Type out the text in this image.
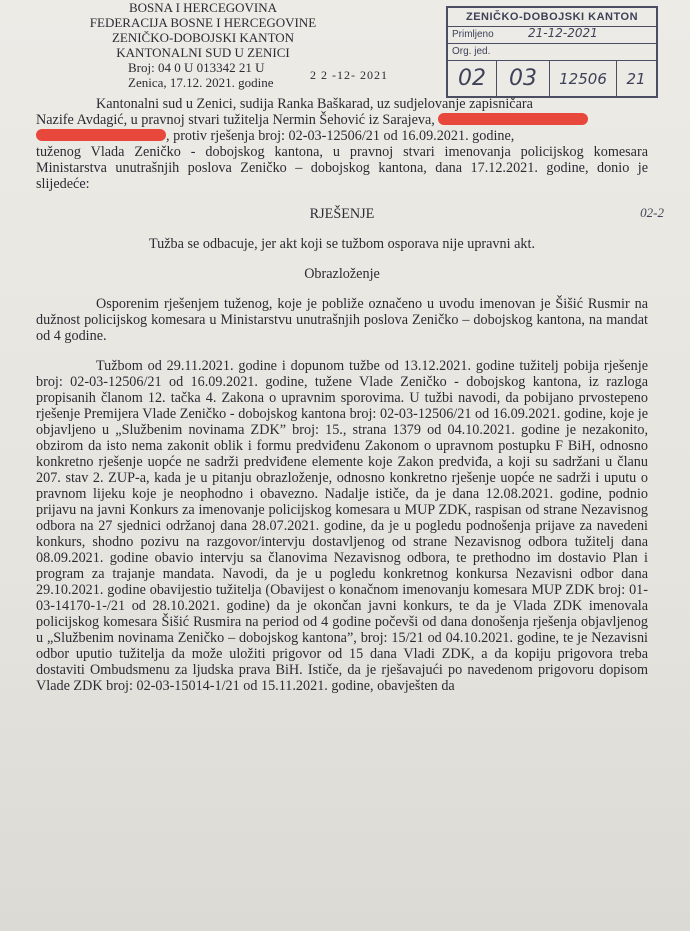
BOSNA I HERCEGOVINA
FEDERACIJA BOSNE I HERCEGOVINE
ZENIČKO-DOBOJSKI KANTON
KANTONALNI SUD U ZENICI
Broj: 04 0 U 013342 21 U
Zenica, 17.12. 2021. godine	2 2 -12- 2021
ZENIČKO-DOBOJSKI KANTON
Primljeno	21-12-2021
Org. jed.
02	03	12506	21
02-2

Kantonalni sud u Zenici, sudija Ranka Baškarad, uz sudjelovanje zapisničara

Nazife Avdagić, u pravnoj stvari tužitelja Nermin Šehović iz Sarajeva,

, protiv rješenja broj: 02-03-12506/21 od 16.09.2021. godine,

tuženog Vlada Zeničko - dobojskog kantona, u pravnoj stvari imenovanja policijskog komesara Ministarstva unutrašnjih poslova Zeničko – dobojskog kantona, dana 17.12.2021. godine, donio je slijedeće:

RJEŠENJE

Tužba se odbacuje, jer akt koji se tužbom osporava nije upravni akt.

Obrazloženje

Osporenim rješenjem tuženog, koje je pobliže označeno u uvodu imenovan je Šišić Rusmir na dužnost policijskog komesara u Ministarstvu unutrašnjih poslova Zeničko – dobojskog kantona, na mandat od 4 godine.

Tužbom od 29.11.2021. godine i dopunom tužbe od 13.12.2021. godine tužitelj pobija rješenje broj: 02-03-12506/21 od 16.09.2021. godine, tužene Vlade Zeničko - dobojskog kantona, iz razloga propisanih članom 12. tačka 4. Zakona o upravnim sporovima. U tužbi navodi, da pobijano prvostepeno rješenje Premijera Vlade Zeničko - dobojskog kantona broj: 02-03-12506/21 od 16.09.2021. godine, koje je objavljeno u „Službenim novinama ZDK” broj: 15., strana 1379 od 04.10.2021. godine je nezakonito, obzirom da isto nema zakonit oblik i formu predviđenu Zakonom o upravnom postupku F BiH, odnosno konkretno rješenje uopće ne sadrži predviđene elemente koje Zakon predviđa, a koji su sadržani u članu 207. stav 2. ZUP-a, kada je u pitanju obrazloženje, odnosno konkretno rješenje uopće ne sadrži i uputu o pravnom lijeku koje je neophodno i obavezno. Nadalje ističe, da je dana 12.08.2021. godine, podnio prijavu na javni Konkurs za imenovanje policijskog komesara u MUP ZDK, raspisan od strane Nezavisnog odbora na 27 sjednici održanoj dana 28.07.2021. godine, da je u pogledu podnošenja prijave za navedeni konkurs, shodno pozivu na razgovor/intervju dostavljenog od strane Nezavisnog odbora tužitelj dana 08.09.2021. godine obavio intervju sa članovima Nezavisnog odbora, te prethodno im dostavio Plan i program za trajanje mandata. Navodi, da je u pogledu konkretnog konkursa Nezavisni odbor dana 29.10.2021. godine obavijestio tužitelja (Obavijest o konačnom imenovanju komesara MUP ZDK broj: 01-03-14170-1-/21 od 28.10.2021. godine) da je okončan javni konkurs, te da je Vlada ZDK imenovala policijskog komesara Šišić Rusmira na period od 4 godine počevši od dana donošenja rješenja objavljenog u „Službenim novinama Zeničko – dobojskog kantona”, broj: 15/21 od 04.10.2021. godine, te je Nezavisni odbor uputio tužitelja da može uložiti prigovor od 15 dana Vladi ZDK, a da kopiju prigovora treba dostaviti Ombudsmenu za ljudska prava BiH. Ističe, da je rješavajući po navedenom prigovoru dopisom Vlade ZDK broj: 02-03-15014-1/21 od 15.11.2021. godine, obavješten da
